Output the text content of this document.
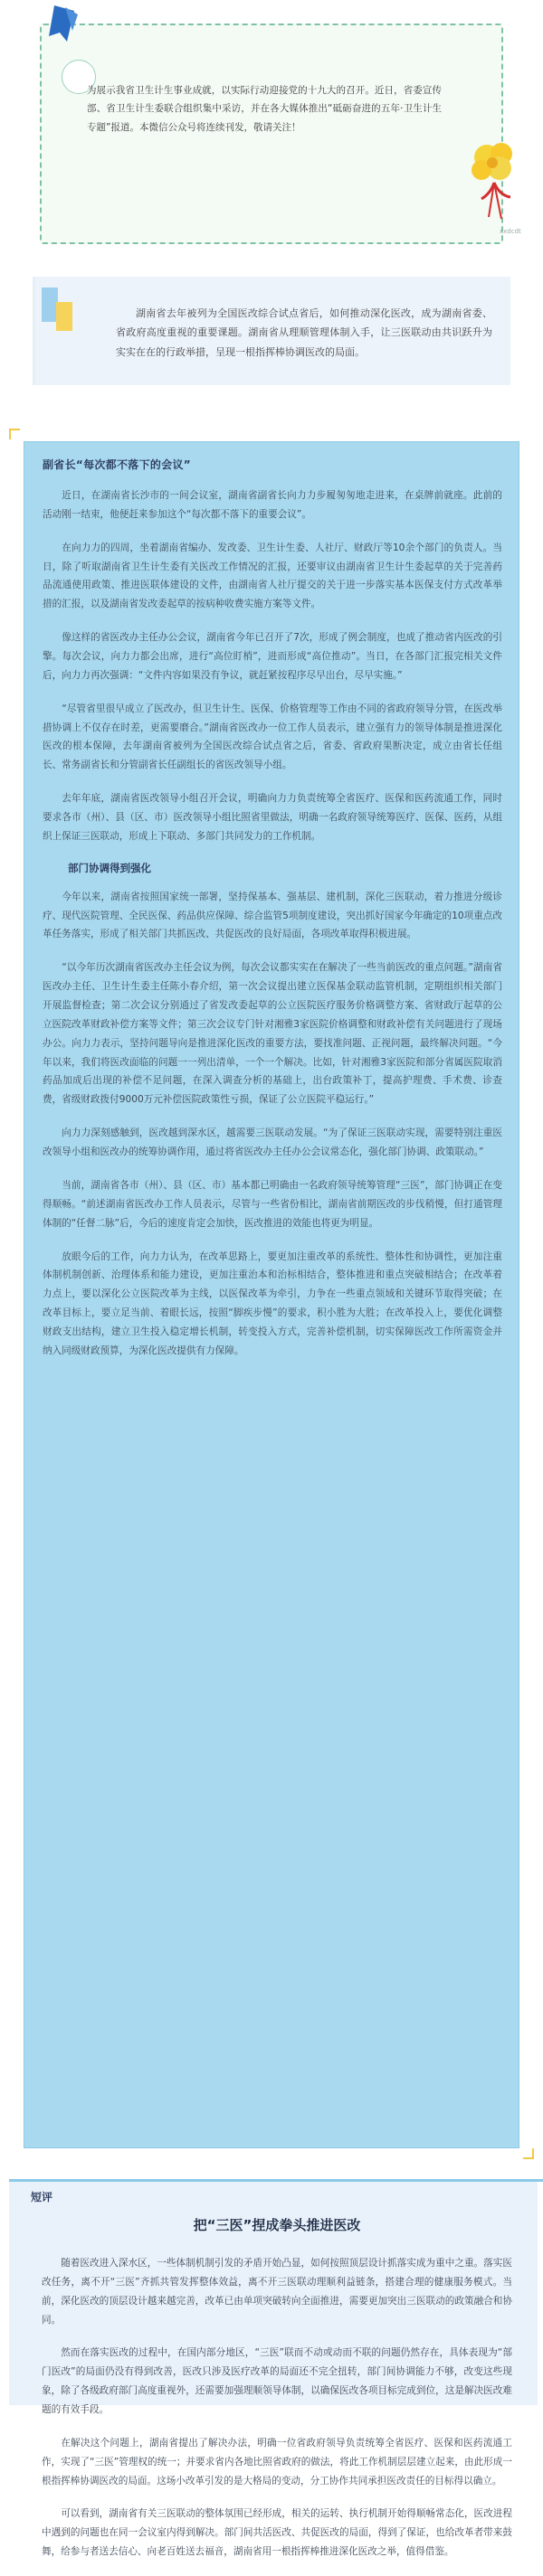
为展示我省卫生计生事业成就，以实际行动迎接党的十九大的召开。近日，省委宣传部、省卫生计生委联合组织集中采访，并在各大媒体推出“砥砺奋进的五年·卫生计生专题”报道。本微信公众号将连续刊发，敬请关注！
xxdcdt
湖南省去年被列为全国医改综合试点省后，如何推动深化医改，成为湖南省委、省政府高度重视的重要课题。湖南省从理顺管理体制入手，让三医联动由共识跃升为实实在在的行政举措，呈现一根指挥棒协调医改的局面。
副省长“每次都不落下的会议”

近日，在湖南省长沙市的一间会议室，湖南省副省长向力力步履匆匆地走进来，在桌牌前就座。此前的活动刚一结束，他便赶来参加这个“每次都不落下的重要会议”。

在向力力的四周，坐着湖南省编办、发改委、卫生计生委、人社厅、财政厅等10余个部门的负责人。当日，除了听取湖南省卫生计生委有关医改工作情况的汇报，还要审议由湖南省卫生计生委起草的关于完善药品流通使用政策、推进医联体建设的文件，由湖南省人社厅提交的关于进一步落实基本医保支付方式改革举措的汇报，以及湖南省发改委起草的按病种收费实施方案等文件。

像这样的省医改办主任办公会议，湖南省今年已召开了7次，形成了例会制度，也成了推动省内医改的引擎。每次会议，向力力都会出席，进行“高位盯梢”，进而形成“高位推动”。当日，在各部门汇报完相关文件后，向力力再次强调：“文件内容如果没有争议，就赶紧按程序尽早出台，尽早实施。”

“尽管省里很早成立了医改办，但卫生计生、医保、价格管理等工作由不同的省政府领导分管，在医改举措协调上不仅存在时差，更需要磨合。”湖南省医改办一位工作人员表示，建立强有力的领导体制是推进深化医改的根本保障，去年湖南省被列为全国医改综合试点省之后，省委、省政府果断决定，成立由省长任组长、常务副省长和分管副省长任副组长的省医改领导小组。

去年年底，湖南省医改领导小组召开会议，明确向力力负责统筹全省医疗、医保和医药流通工作，同时要求各市（州）、县（区、市）医改领导小组比照省里做法，明确一名政府领导统筹医疗、医保、医药，从组织上保证三医联动，形成上下联动、多部门共同发力的工作机制。

部门协调得到强化

今年以来，湖南省按照国家统一部署，坚持保基本、强基层、建机制，深化三医联动，着力推进分级诊疗、现代医院管理、全民医保、药品供应保障、综合监管5项制度建设，突出抓好国家今年确定的10项重点改革任务落实，形成了相关部门共抓医改、共促医改的良好局面，各项改革取得积极进展。

“以今年历次湖南省医改办主任会议为例，每次会议都实实在在解决了一些当前医改的重点问题。”湖南省医改办主任、卫生计生委主任陈小春介绍，第一次会议提出建立医保基金联动监管机制，定期组织相关部门开展监督检查；第二次会议分别通过了省发改委起草的公立医院医疗服务价格调整方案、省财政厅起草的公立医院改革财政补偿方案等文件；第三次会议专门针对湘雅3家医院价格调整和财政补偿有关问题进行了现场办公。向力力表示，坚持问题导向是推进深化医改的重要方法，要找准问题、正视问题，最终解决问题。“今年以来，我们将医改面临的问题一一列出清单，一个一个解决。比如，针对湘雅3家医院和部分省属医院取消药品加成后出现的补偿不足问题，在深入调查分析的基础上，出台政策补丁，提高护理费、手术费、诊查费，省级财政拨付9000万元补偿医院政策性亏损，保证了公立医院平稳运行。”

向力力深刻感触到，医改越到深水区，越需要三医联动发展。“为了保证三医联动实现，需要特别注重医改领导小组和医改办的统筹协调作用，通过将省医改办主任办公会议常态化，强化部门协调、政策联动。”

当前，湖南省各市（州）、县（区、市）基本都已明确由一名政府领导统筹管理“三医”，部门协调正在变得顺畅。“前述湖南省医改办工作人员表示，尽管与一些省份相比，湖南省前期医改的步伐稍慢，但打通管理体制的“任督二脉”后，今后的速度肯定会加快，医改推进的效能也将更为明显。

放眼今后的工作，向力力认为，在改革思路上，要更加注重改革的系统性、整体性和协调性，更加注重体制机制创新、治理体系和能力建设，更加注重治本和治标相结合，整体推进和重点突破相结合；在改革着力点上，要以深化公立医院改革为主线，以医保改革为牵引，力争在一些重点领域和关键环节取得突破；在改革目标上，要立足当前、着眼长远，按照“脚疾步慢”的要求，积小胜为大胜；在改革投入上，要优化调整财政支出结构，建立卫生投入稳定增长机制，转变投入方式，完善补偿机制，切实保障医改工作所需资金并纳入同级财政预算，为深化医改提供有力保障。

把“三医”捏成拳头推进医改

随着医改进入深水区，一些体制机制引发的矛盾开始凸显，如何按照顶层设计抓落实成为重中之重。落实医改任务，离不开“三医”齐抓共管发挥整体效益，离不开三医联动理顺利益链条，搭建合理的健康服务模式。当前，深化医改的顶层设计越来越完善，改革已由单项突破转向全面推进，需要更加突出三医联动的政策融合和协同。

然而在落实医改的过程中，在国内部分地区，“三医”联而不动或动而不联的问题仍然存在，具体表现为“部门医改”的局面仍没有得到改善，医改只涉及医疗改革的局面还不完全扭转，部门间协调能力不够，改变这些现象，除了各级政府部门高度重视外，还需要加强理顺领导体制，以确保医改各项目标完成到位，这是解决医改难题的有效手段。

在解决这个问题上，湖南省提出了解决办法，明确一位省政府领导负责统筹全省医疗、医保和医药流通工作，实现了“三医”管理权的统一；并要求省内各地比照省政府的做法，将此工作机制层层建立起来，由此形成一根指挥棒协调医改的局面。这场小改革引发的是大格局的变动，分工协作共同承担医改责任的目标得以确立。

可以看到，湖南省有关三医联动的整体氛围已经形成，相关的运转、执行机制开始得顺畅常态化，医改进程中遇到的问题也在同一会议室内得到解决。部门间共活医改、共促医改的局面，得到了保证，也给改革者带来鼓舞，给参与者送去信心、向老百姓送去福音，湖南省用一根指挥棒推进深化医改之举，值得借鉴。

短评
